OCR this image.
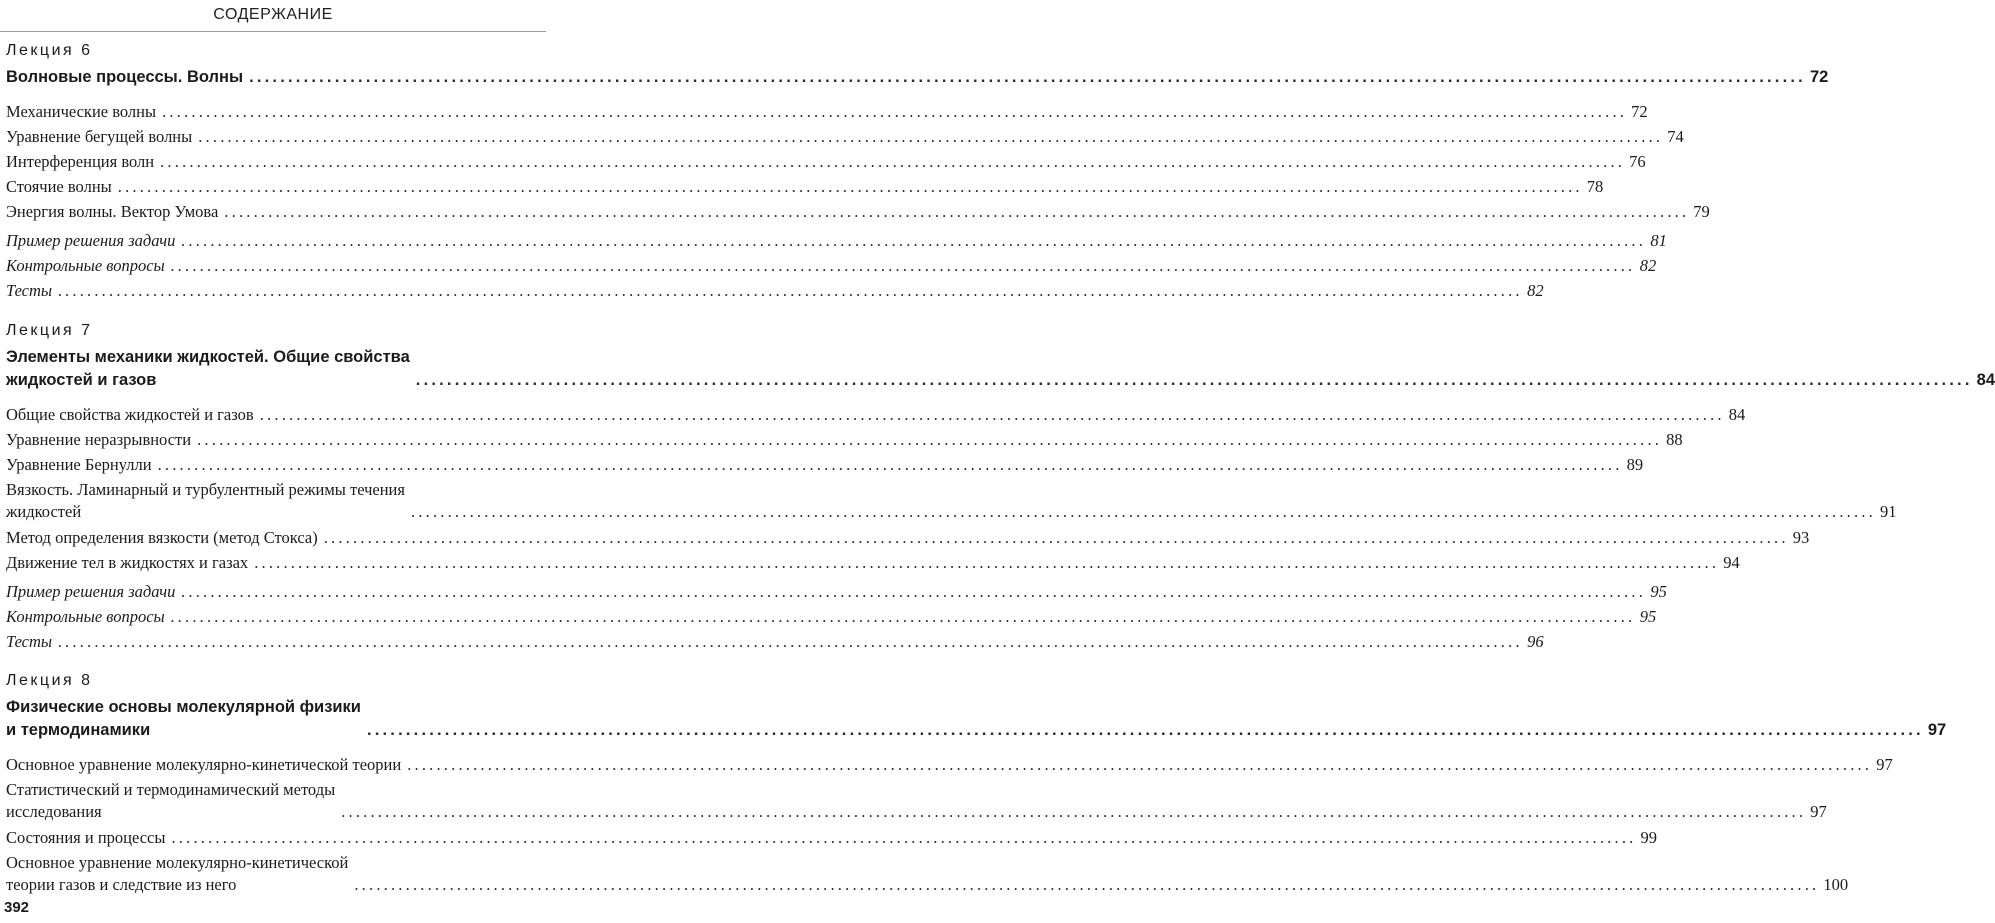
СОДЕРЖАНИЕ
Лекция 6
Волновые процессы. Волны ........................................................................................................................................................................................................ 72
Механические волны ........................................................................................................................................................................................................ 72
Уравнение бегущей волны ........................................................................................................................................................................................................ 74
Интерференция волн ........................................................................................................................................................................................................ 76
Стоячие волны ........................................................................................................................................................................................................ 78
Энергия волны. Вектор Умова ........................................................................................................................................................................................................ 79
Пример решения задачи ........................................................................................................................................................................................................ 81
Контрольные вопросы ........................................................................................................................................................................................................ 82
Тесты ........................................................................................................................................................................................................ 82
Лекция 7
Элементы механики жидкостей. Общие свойства
жидкостей и газов	........................................................................................................................................................................................................ 84
Общие свойства жидкостей и газов ........................................................................................................................................................................................................ 84
Уравнение неразрывности ........................................................................................................................................................................................................ 88
Уравнение Бернулли ........................................................................................................................................................................................................ 89
Вязкость. Ламинарный и турбулентный режимы течения
жидкостей	........................................................................................................................................................................................................ 91
Метод определения вязкости (метод Стокса) ........................................................................................................................................................................................................ 93
Движение тел в жидкостях и газах ........................................................................................................................................................................................................ 94
Пример решения задачи ........................................................................................................................................................................................................ 95
Контрольные вопросы ........................................................................................................................................................................................................ 95
Тесты ........................................................................................................................................................................................................ 96
Лекция 8
Физические основы молекулярной физики
и термодинамики	........................................................................................................................................................................................................ 97
Основное уравнение молекулярно-кинетической теории ........................................................................................................................................................................................................ 97
Статистический и термодинамический методы
исследования	........................................................................................................................................................................................................ 97
Состояния и процессы ........................................................................................................................................................................................................ 99
Основное уравнение молекулярно-кинетической
теории газов и следствие из него	........................................................................................................................................................................................................ 100
392
